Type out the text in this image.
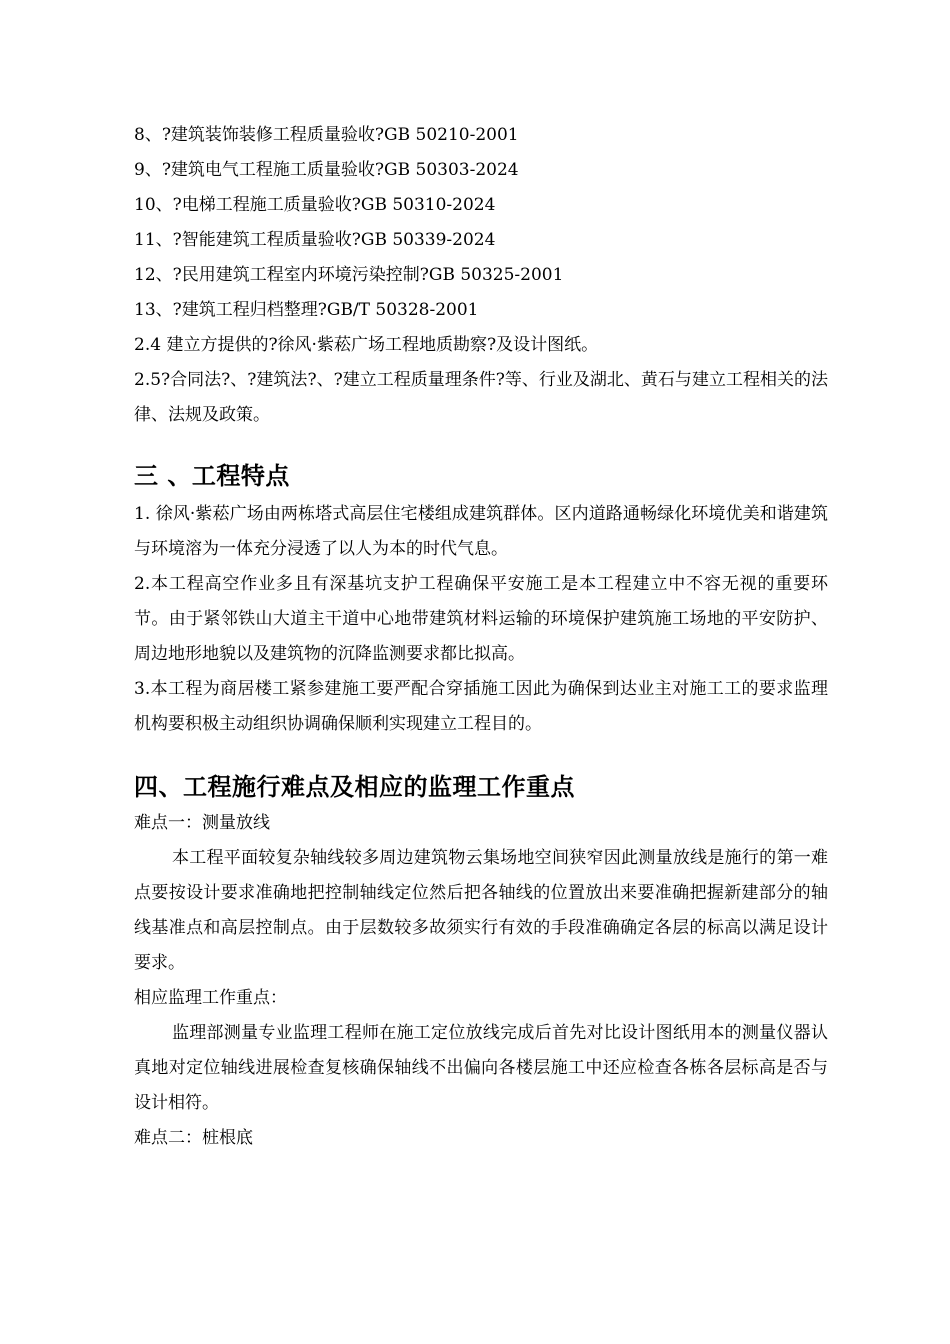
8、?建筑装饰装修工程质量验收?GB 50210-2001
9、?建筑电气工程施工质量验收?GB 50303-2024
10、?电梯工程施工质量验收?GB 50310-2024
11、?智能建筑工程质量验收?GB 50339-2024
12、?民用建筑工程室内环境污染控制?GB 50325-2001
13、?建筑工程归档整理?GB/T 50328-2001
2.4 建立方提供的?徐风·紫菘广场工程地质勘察?及设计图纸。

2.5?合同法?、?建筑法?、?建立工程质量理条件?等、行业及湖北、黄石与建立工程相关的法律、法规及政策。

三 、工程特点

1. 徐风·紫菘广场由两栋塔式高层住宅楼组成建筑群体。区内道路通畅绿化环境优美和谐建筑与环境溶为一体充分浸透了以人为本的时代气息。

2.本工程高空作业多且有深基坑支护工程确保平安施工是本工程建立中不容无视的重要环节。由于紧邻铁山大道主干道中心地带建筑材料运输的环境保护建筑施工场地的平安防护、周边地形地貌以及建筑物的沉降监测要求都比拟高。

3.本工程为商居楼工紧参建施工要严配合穿插施工因此为确保到达业主对施工工的要求监理机构要积极主动组织协调确保顺利实现建立工程目的。

四、工程施行难点及相应的监理工作重点
难点一：测量放线

本工程平面较复杂轴线较多周边建筑物云集场地空间狭窄因此测量放线是施行的第一难点要按设计要求准确地把控制轴线定位然后把各轴线的位置放出来要准确把握新建部分的轴线基准点和高层控制点。由于层数较多故须实行有效的手段准确确定各层的标高以满足设计要求。

相应监理工作重点：

监理部测量专业监理工程师在施工定位放线完成后首先对比设计图纸用本的测量仪器认真地对定位轴线进展检查复核确保轴线不出偏向各楼层施工中还应检查各栋各层标高是否与设计相符。

难点二：桩根底
